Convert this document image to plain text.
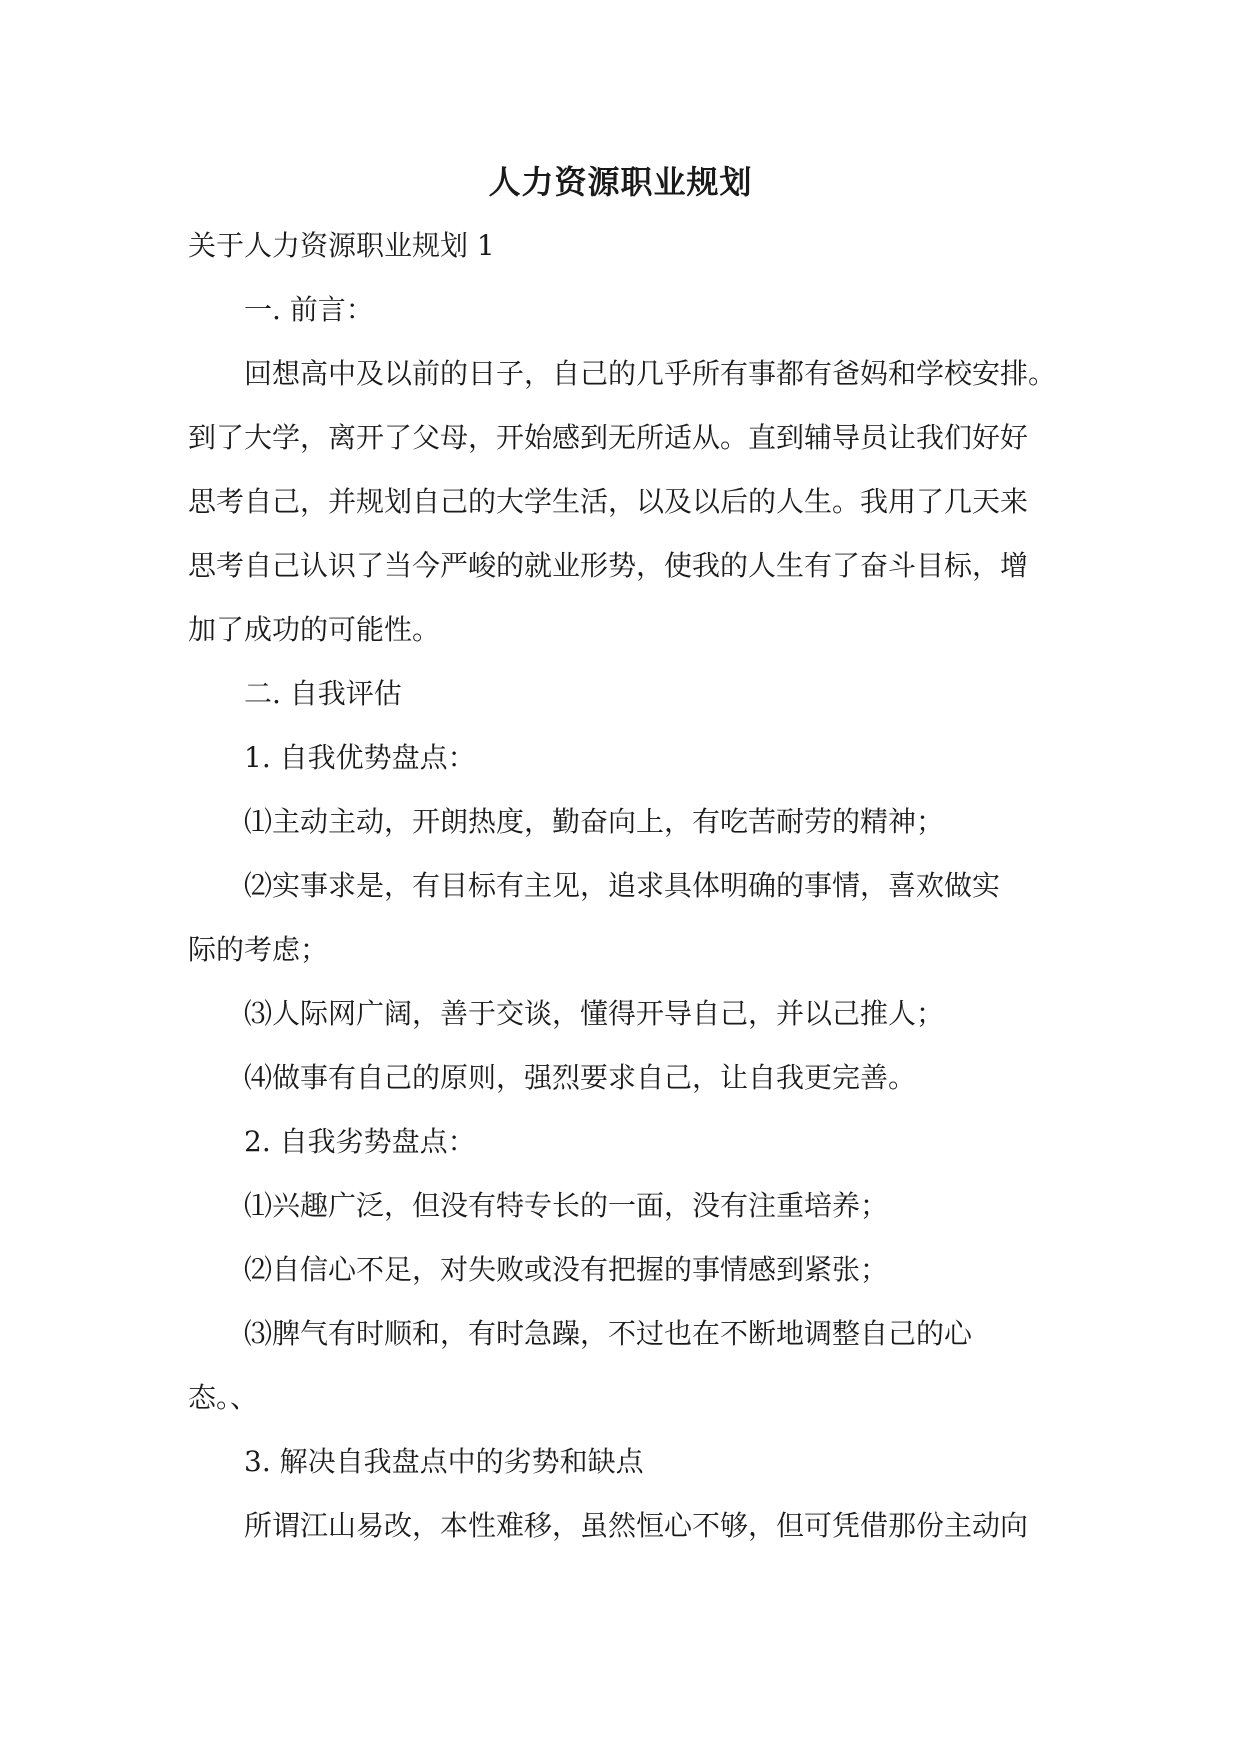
人力资源职业规划
关于人力资源职业规划 1
一. 前言：
回想高中及以前的日子，自己的几乎所有事都有爸妈和学校安排。
到了大学，离开了父母，开始感到无所适从。直到辅导员让我们好好
思考自己，并规划自己的大学生活，以及以后的人生。我用了几天来
思考自己认识了当今严峻的就业形势，使我的人生有了奋斗目标，增
加了成功的可能性。
二. 自我评估
1. 自我优势盘点：
⑴主动主动，开朗热度，勤奋向上，有吃苦耐劳的精神；
⑵实事求是，有目标有主见，追求具体明确的事情，喜欢做实
际的考虑；
⑶人际网广阔，善于交谈，懂得开导自己，并以己推人；
⑷做事有自己的原则，强烈要求自己，让自我更完善。
2. 自我劣势盘点：
⑴兴趣广泛，但没有特专长的一面，没有注重培养；
⑵自信心不足，对失败或没有把握的事情感到紧张；
⑶脾气有时顺和，有时急躁，不过也在不断地调整自己的心
态。、
3. 解决自我盘点中的劣势和缺点
所谓江山易改，本性难移，虽然恒心不够，但可凭借那份主动向
